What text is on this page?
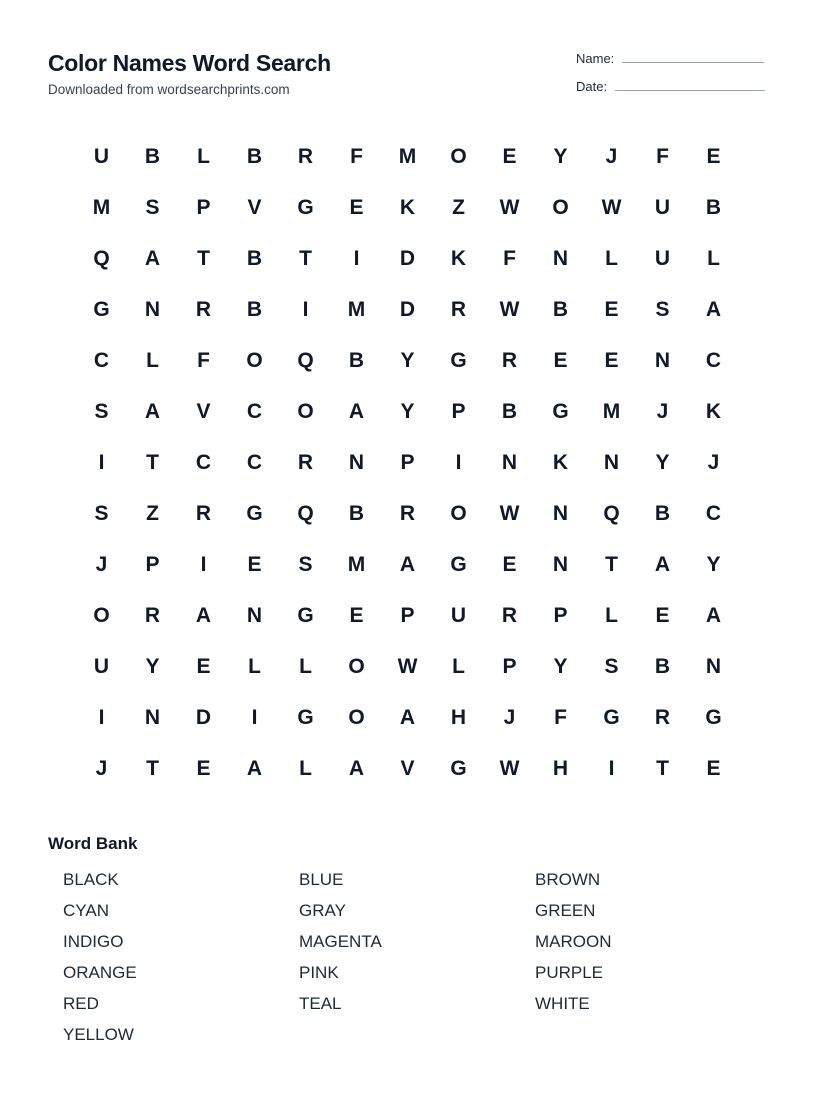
Color Names Word Search
Downloaded from wordsearchprints.com
Name:
Date:
U	B	L	B	R	F	M	O	E	Y	J	F	E
M	S	P	V	G	E	K	Z	W	O	W	U	B
Q	A	T	B	T	I	D	K	F	N	L	U	L
G	N	R	B	I	M	D	R	W	B	E	S	A
C	L	F	O	Q	B	Y	G	R	E	E	N	C
S	A	V	C	O	A	Y	P	B	G	M	J	K
I	T	C	C	R	N	P	I	N	K	N	Y	J
S	Z	R	G	Q	B	R	O	W	N	Q	B	C
J	P	I	E	S	M	A	G	E	N	T	A	Y
O	R	A	N	G	E	P	U	R	P	L	E	A
U	Y	E	L	L	O	W	L	P	Y	S	B	N
I	N	D	I	G	O	A	H	J	F	G	R	G
J	T	E	A	L	A	V	G	W	H	I	T	E
Word Bank
BLACK	BLUE	BROWN
CYAN	GRAY	GREEN
INDIGO	MAGENTA	MAROON
ORANGE	PINK	PURPLE
RED	TEAL	WHITE
YELLOW
